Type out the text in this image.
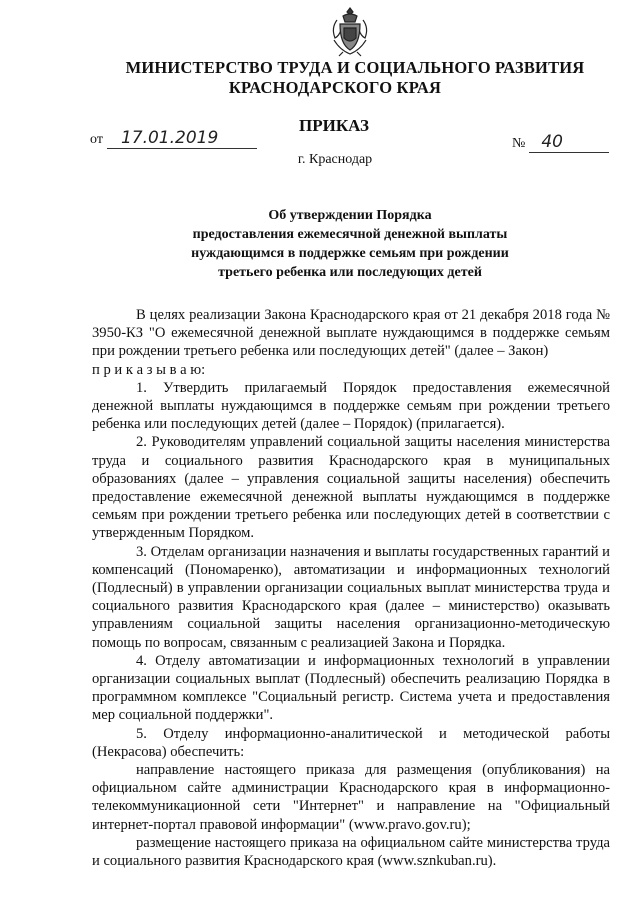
МИНИСТЕРСТВО ТРУДА И СОЦИАЛЬНОГО РАЗВИТИЯ
КРАСНОДАРСКОГО КРАЯ
ПРИКАЗ
от 17.01.2019	№ 40
г. Краснодар
Об утверждении Порядка
предоставления ежемесячной денежной выплаты
нуждающимся в поддержке семьям при рождении
третьего ребенка или последующих детей

В целях реализации Закона Краснодарского края от 21 декабря 2018 года № 3950-КЗ "О ежемесячной денежной выплате нуждающимся в поддержке семьям при рождении третьего ребенка или последующих детей" (далее – Закон)

п р и к а з ы в а ю:

1. Утвердить прилагаемый Порядок предоставления ежемесячной денежной выплаты нуждающимся в поддержке семьям при рождении третьего ребенка или последующих детей (далее – Порядок) (прилагается).

2. Руководителям управлений социальной защиты населения министерства труда и социального развития Краснодарского края в муниципальных образованиях (далее – управления социальной защиты населения) обеспечить предоставление ежемесячной денежной выплаты нуждающимся в поддержке семьям при рождении третьего ребенка или последующих детей в соответствии с утвержденным Порядком.

3. Отделам организации назначения и выплаты государственных гарантий и компенсаций (Пономаренко), автоматизации и информационных технологий (Подлесный) в управлении организации социальных выплат министерства труда и социального развития Краснодарского края (далее – министерство) оказывать управлениям социальной защиты населения организационно-методическую помощь по вопросам, связанным с реализацией Закона и Порядка.

4. Отделу автоматизации и информационных технологий в управлении организации социальных выплат (Подлесный) обеспечить реализацию Порядка в программном комплексе "Социальный регистр. Система учета и предоставления мер социальной поддержки".

5. Отделу информационно-аналитической и методической работы (Некрасова) обеспечить:

направление настоящего приказа для размещения (опубликования) на официальном сайте администрации Краснодарского края в информационно-телекоммуникационной сети "Интернет" и направление на "Официальный интернет-портал правовой информации" (www.pravo.gov.ru);

размещение настоящего приказа на официальном сайте министерства труда и социального развития Краснодарского края (www.sznkuban.ru).
